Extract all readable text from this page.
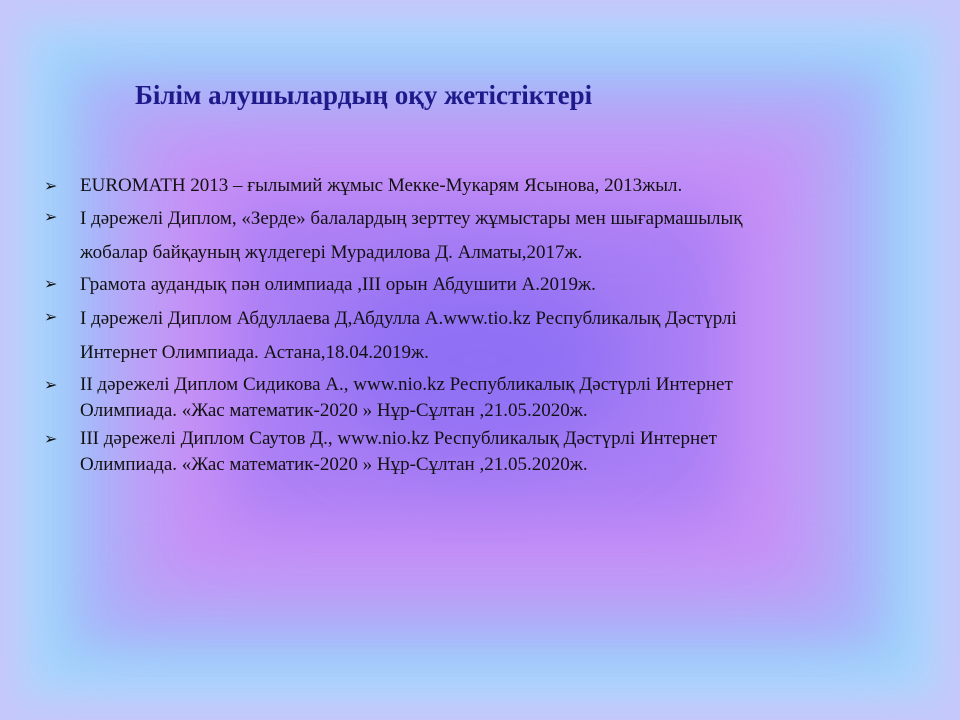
Білім алушылардың оқу жетістіктері
➢ EUROMATH 2013 – ғылымий жұмыс Мекке-Мукарям Ясынова, 2013жыл.
➢ І дәрежелі Диплом, «Зерде» балалардың зерттеу жұмыстары мен шығармашылық
жобалар байқауның жүлдегері Мурадилова Д. Алматы,2017ж.
➢ Грамота аудандық пән олимпиада ,ІІІ орын Абдушити А.2019ж.
➢ І дәрежелі Диплом Абдуллаева Д,Абдулла А.www.tio.kz Республикалық Дәстүрлі
Интернет Олимпиада. Астана,18.04.2019ж.
➢ ІІ дәрежелі Диплом Сидикова А., www.nio.kz Республикалық Дәстүрлі Интернет
Олимпиада. «Жас математик-2020 » Нұр-Сұлтан ,21.05.2020ж.
➢ ІІІ дәрежелі Диплом Саутов Д., www.nio.kz Республикалық Дәстүрлі Интернет
Олимпиада. «Жас математик-2020 » Нұр-Сұлтан ,21.05.2020ж.
